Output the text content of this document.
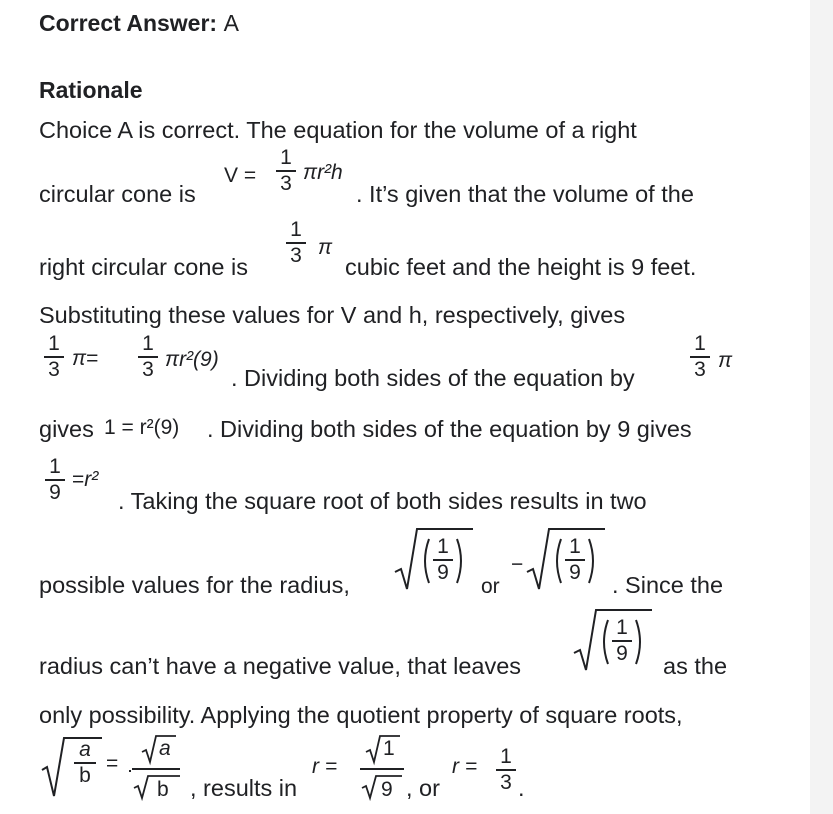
Correct Answer: A
Rationale
Choice A is correct. The equation for the volume of a right
circular cone is
V =
1
3 πr²h
. It’s given that the volume of the
right circular cone is
1
3 π
cubic feet and the height is 9 feet.
Substituting these values for V and h, respectively, gives
1
3 π=
1
3 πr²(9)
. Dividing both sides of the equation by
1
3 π
gives 1 = r²(9) . Dividing both sides of the equation by 9 gives
1
9
=r²
. Taking the square root of both sides results in two
possible values for the radius,
1
9
or
−
1
9 . Since the
radius can’t have a negative value, that leaves
1
9 as the
only possibility. Applying the quotient property of square roots,
a
b
=
a
b , results in
r =
1
9 , or
r = 1
3 .
